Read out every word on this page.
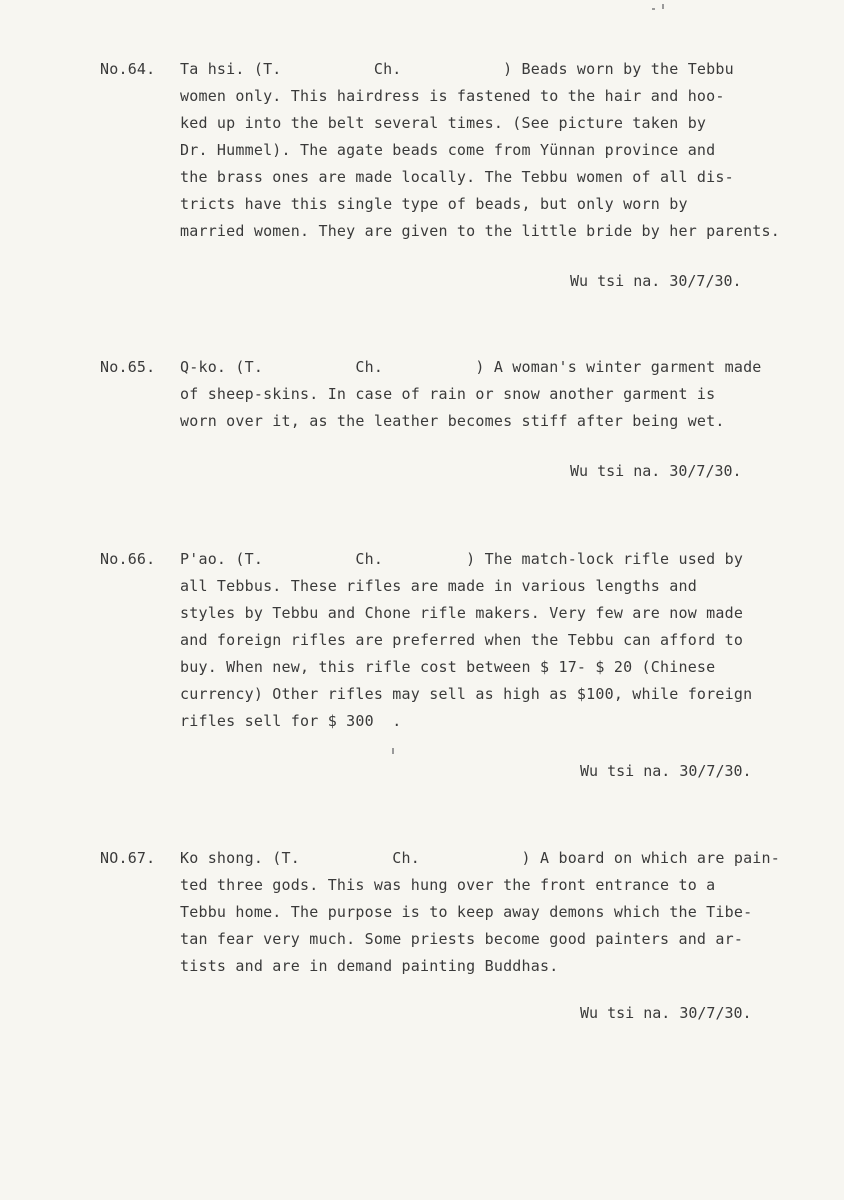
No.64. Ta hsi. (T.          Ch.           ) Beads worn by the Tebbu
women only. This hairdress is fastened to the hair and hoo-
ked up into the belt several times. (See picture taken by
Dr. Hummel). The agate beads come from Yünnan province and
the brass ones are made locally. The Tebbu women of all dis-
tricts have this single type of beads, but only worn by
married women. They are given to the little bride by her parents.
Wu tsi na. 30/7/30.
No.65. Q-ko. (T.          Ch.          ) A woman's winter garment made
of sheep-skins. In case of rain or snow another garment is
worn over it, as the leather becomes stiff after being wet.
Wu tsi na. 30/7/30.
No.66. P'ao. (T.          Ch.         ) The match-lock rifle used by
all Tebbus. These rifles are made in various lengths and
styles by Tebbu and Chone rifle makers. Very few are now made
and foreign rifles are preferred when the Tebbu can afford to
buy. When new, this rifle cost between $ 17- $ 20 (Chinese
currency) Other rifles may sell as high as $100, while foreign
rifles sell for $ 300  .
Wu tsi na. 30/7/30.
NO.67. Ko shong. (T.          Ch.           ) A board on which are pain-
ted three gods. This was hung over the front entrance to a
Tebbu home. The purpose is to keep away demons which the Tibe-
tan fear very much. Some priests become good painters and ar-
tists and are in demand painting Buddhas.
Wu tsi na. 30/7/30.
